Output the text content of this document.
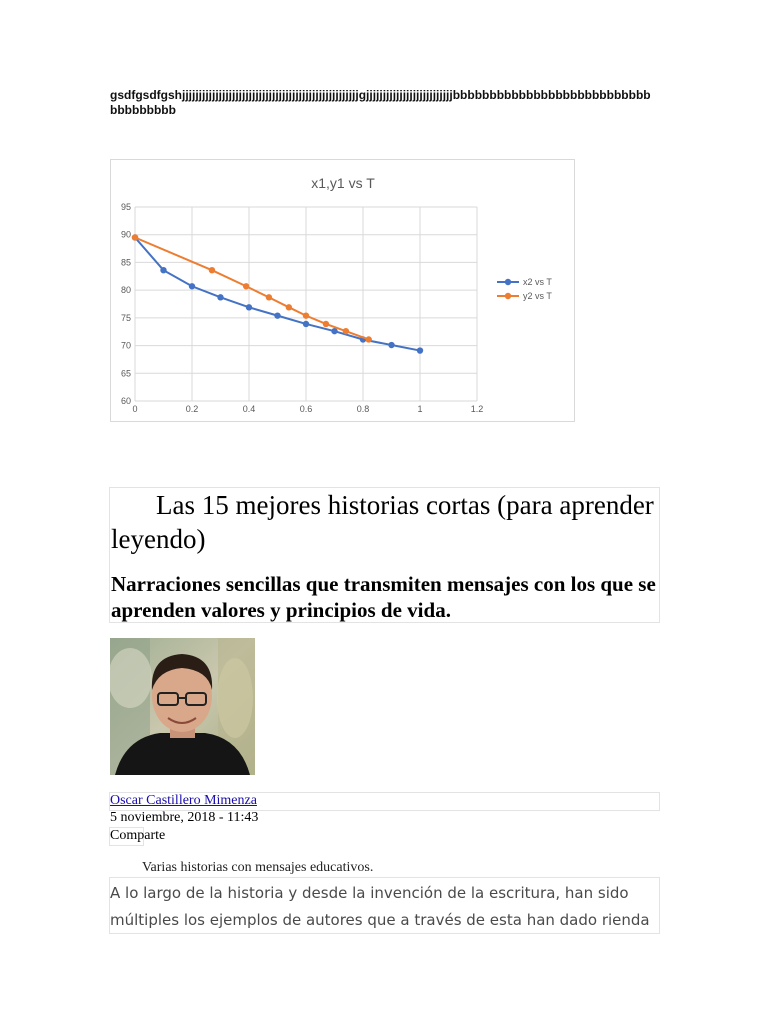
gsdfgsdfgshjjjjjjjjjjjjjjjjjjjjjjjjjjjjjjjjjjjjjjjjjjjjjjjjjjjjjgjjjjjjjjjjjjjjjjjjjjjjjjjjbbbbbbbbbbbbbbbbbbbbbbbbbbbbbbbbbbbb
x1,y1 vs T
60
65
70
75
80
85
90
95
0	0.2	0.4	0.6	0.8	1	1.2
x2 vs T
y2 vs T
Las 15 mejores historias cortas (para aprender leyendo)
Narraciones sencillas que transmiten mensajes con los que se aprenden valores y principios de vida.
Oscar Castillero Mimenza
5 noviembre, 2018 - 11:43
Comparte
Varias historias con mensajes educativos.
A lo largo de la historia y desde la invención de la escritura, han sido múltiples los ejemplos de autores que a través de esta han dado rienda
